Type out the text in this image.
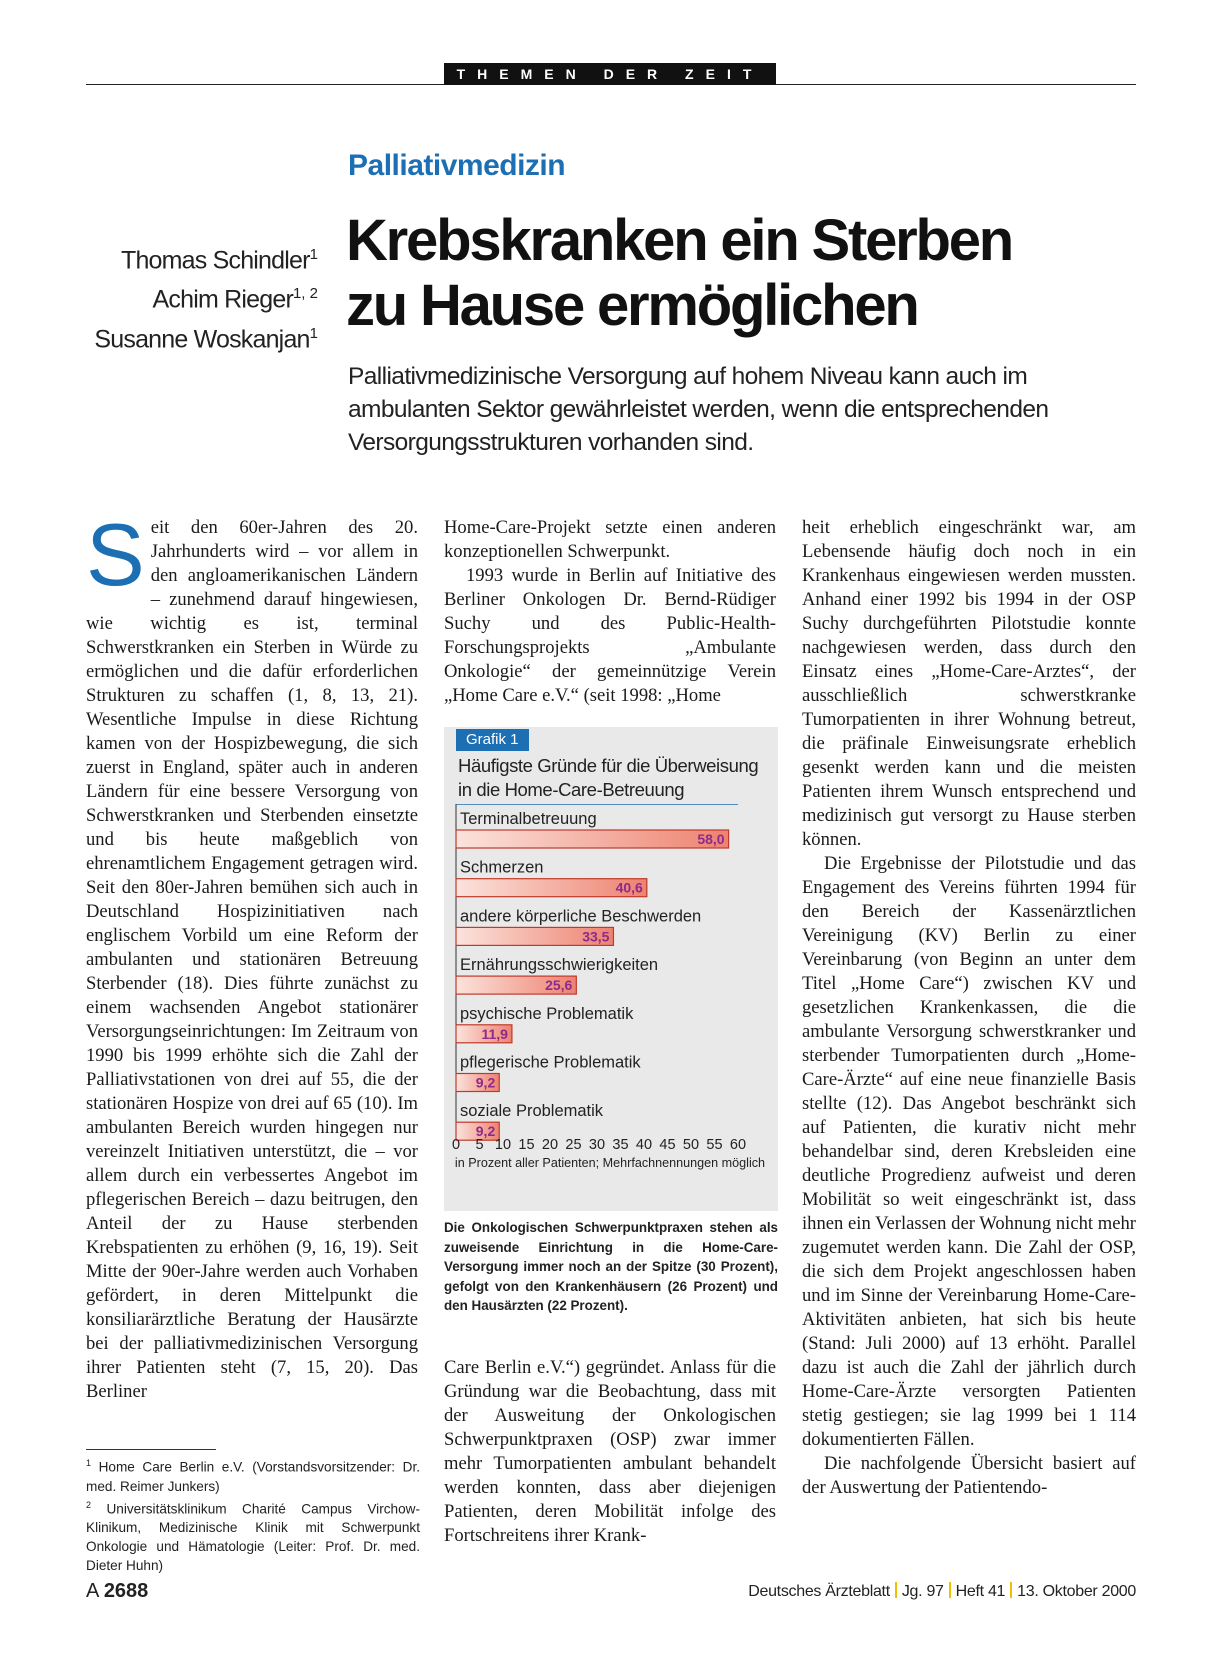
THEMEN DER ZEIT
Palliativmedizin
Krebskranken ein Sterben
zu Hause ermöglichen
Thomas Schindler$^1$
Achim Rieger$^{1, 2}$
Susanne Woskanjan$^1$
Palliativmedizinische Versorgung auf hohem Niveau kann auch im ambulanten Sektor gewährleistet werden, wenn die entsprechenden Versorgungsstrukturen vorhanden sind.

Seit den 60er-Jahren des 20. Jahrhunderts wird – vor allem in den angloamerikanischen Ländern – zunehmend darauf hingewiesen, wie wichtig es ist, terminal Schwerstkranken ein Sterben in Würde zu ermöglichen und die dafür erforderlichen Strukturen zu schaffen (1, 8, 13, 21). Wesentliche Impulse in diese Richtung kamen von der Hospizbewegung, die sich zuerst in England, später auch in anderen Ländern für eine bessere Versorgung von Schwerstkranken und Sterbenden einsetzte und bis heute maßgeblich von ehrenamtlichem Engagement getragen wird. Seit den 80er-Jahren bemühen sich auch in Deutschland Hospizinitiativen nach englischem Vorbild um eine Reform der ambulanten und stationären Betreuung Sterbender (18). Dies führte zunächst zu einem wachsenden Angebot stationärer Versorgungseinrichtungen: Im Zeitraum von 1990 bis 1999 erhöhte sich die Zahl der Palliativstationen von drei auf 55, die der stationären Hospize von drei auf 65 (10). Im ambulanten Bereich wurden hingegen nur vereinzelt Initiativen unterstützt, die – vor allem durch ein verbessertes Angebot im pflegerischen Bereich – dazu beitrugen, den Anteil der zu Hause sterbenden Krebspatienten zu erhöhen (9, 16, 19). Seit Mitte der 90er-Jahre werden auch Vorhaben gefördert, in deren Mittelpunkt die konsiliarärztliche Beratung der Hausärzte bei der palliativmedizinischen Versorgung ihrer Patienten steht (7, 15, 20). Das Berliner

$^1$ Home Care Berlin e.V. (Vorstandsvorsitzender: Dr. med. Reimer Junkers)

$^2$ Universitätsklinikum Charité Campus Virchow-Klinikum, Medizinische Klinik mit Schwerpunkt Onkologie und Hämatologie (Leiter: Prof. Dr. med. Dieter Huhn)

Home-Care-Projekt setzte einen anderen konzeptionellen Schwerpunkt.

1993 wurde in Berlin auf Initiative des Berliner Onkologen Dr. Bernd-Rüdiger Suchy und des Public-Health-Forschungsprojekts „Ambulante Onkologie“ der gemeinnützige Verein „Home Care e.V.“ (seit 1998: „Home

Grafik 1
Häufigste Gründe für die Überweisung in die Home-Care-Betreuung
Terminalbetreuung
58,0
Schmerzen
40,6
andere körperliche Beschwerden
33,5
Ernährungsschwierigkeiten
25,6
psychische Problematik
11,9
pflegerische Problematik
9,2
soziale Problematik
9,2
0 5 10 15 20 25 30 35 40 45 50 55 60
in Prozent aller Patienten; Mehrfachnennungen möglich
Die Onkologischen Schwerpunktpraxen stehen als zuweisende Einrichtung in die Home-Care-Versorgung immer noch an der Spitze (30 Prozent), gefolgt von den Krankenhäusern (26 Prozent) und den Hausärzten (22 Prozent).

Care Berlin e.V.“) gegründet. Anlass für die Gründung war die Beobachtung, dass mit der Ausweitung der Onkologischen Schwerpunktpraxen (OSP) zwar immer mehr Tumorpatienten ambulant behandelt werden konnten, dass aber diejenigen Patienten, deren Mobilität infolge des Fortschreitens ihrer Krank-

heit erheblich eingeschränkt war, am Lebensende häufig doch noch in ein Krankenhaus eingewiesen werden mussten. Anhand einer 1992 bis 1994 in der OSP Suchy durchgeführten Pilotstudie konnte nachgewiesen werden, dass durch den Einsatz eines „Home-Care-Arztes“, der ausschließlich schwerstkranke Tumorpatienten in ihrer Wohnung betreut, die präfinale Einweisungsrate erheblich gesenkt werden kann und die meisten Patienten ihrem Wunsch entsprechend und medizinisch gut versorgt zu Hause sterben können.

Die Ergebnisse der Pilotstudie und das Engagement des Vereins führten 1994 für den Bereich der Kassenärztlichen Vereinigung (KV) Berlin zu einer Vereinbarung (von Beginn an unter dem Titel „Home Care“) zwischen KV und gesetzlichen Krankenkassen, die die ambulante Versorgung schwerstkranker und sterbender Tumorpatienten durch „Home-Care-Ärzte“ auf eine neue finanzielle Basis stellte (12). Das Angebot beschränkt sich auf Patienten, die kurativ nicht mehr behandelbar sind, deren Krebsleiden eine deutliche Progredienz aufweist und deren Mobilität so weit eingeschränkt ist, dass ihnen ein Verlassen der Wohnung nicht mehr zugemutet werden kann. Die Zahl der OSP, die sich dem Projekt angeschlossen haben und im Sinne der Vereinbarung Home-Care-Aktivitäten anbieten, hat sich bis heute (Stand: Juli 2000) auf 13 erhöht. Parallel dazu ist auch die Zahl der jährlich durch Home-Care-Ärzte versorgten Patienten stetig gestiegen; sie lag 1999 bei 1 114 dokumentierten Fällen.

Die nachfolgende Übersicht basiert auf der Auswertung der Patientendo-

A 2688	Deutsches Ärzteblatt Jg. 97 Heft 41 13. Oktober 2000
